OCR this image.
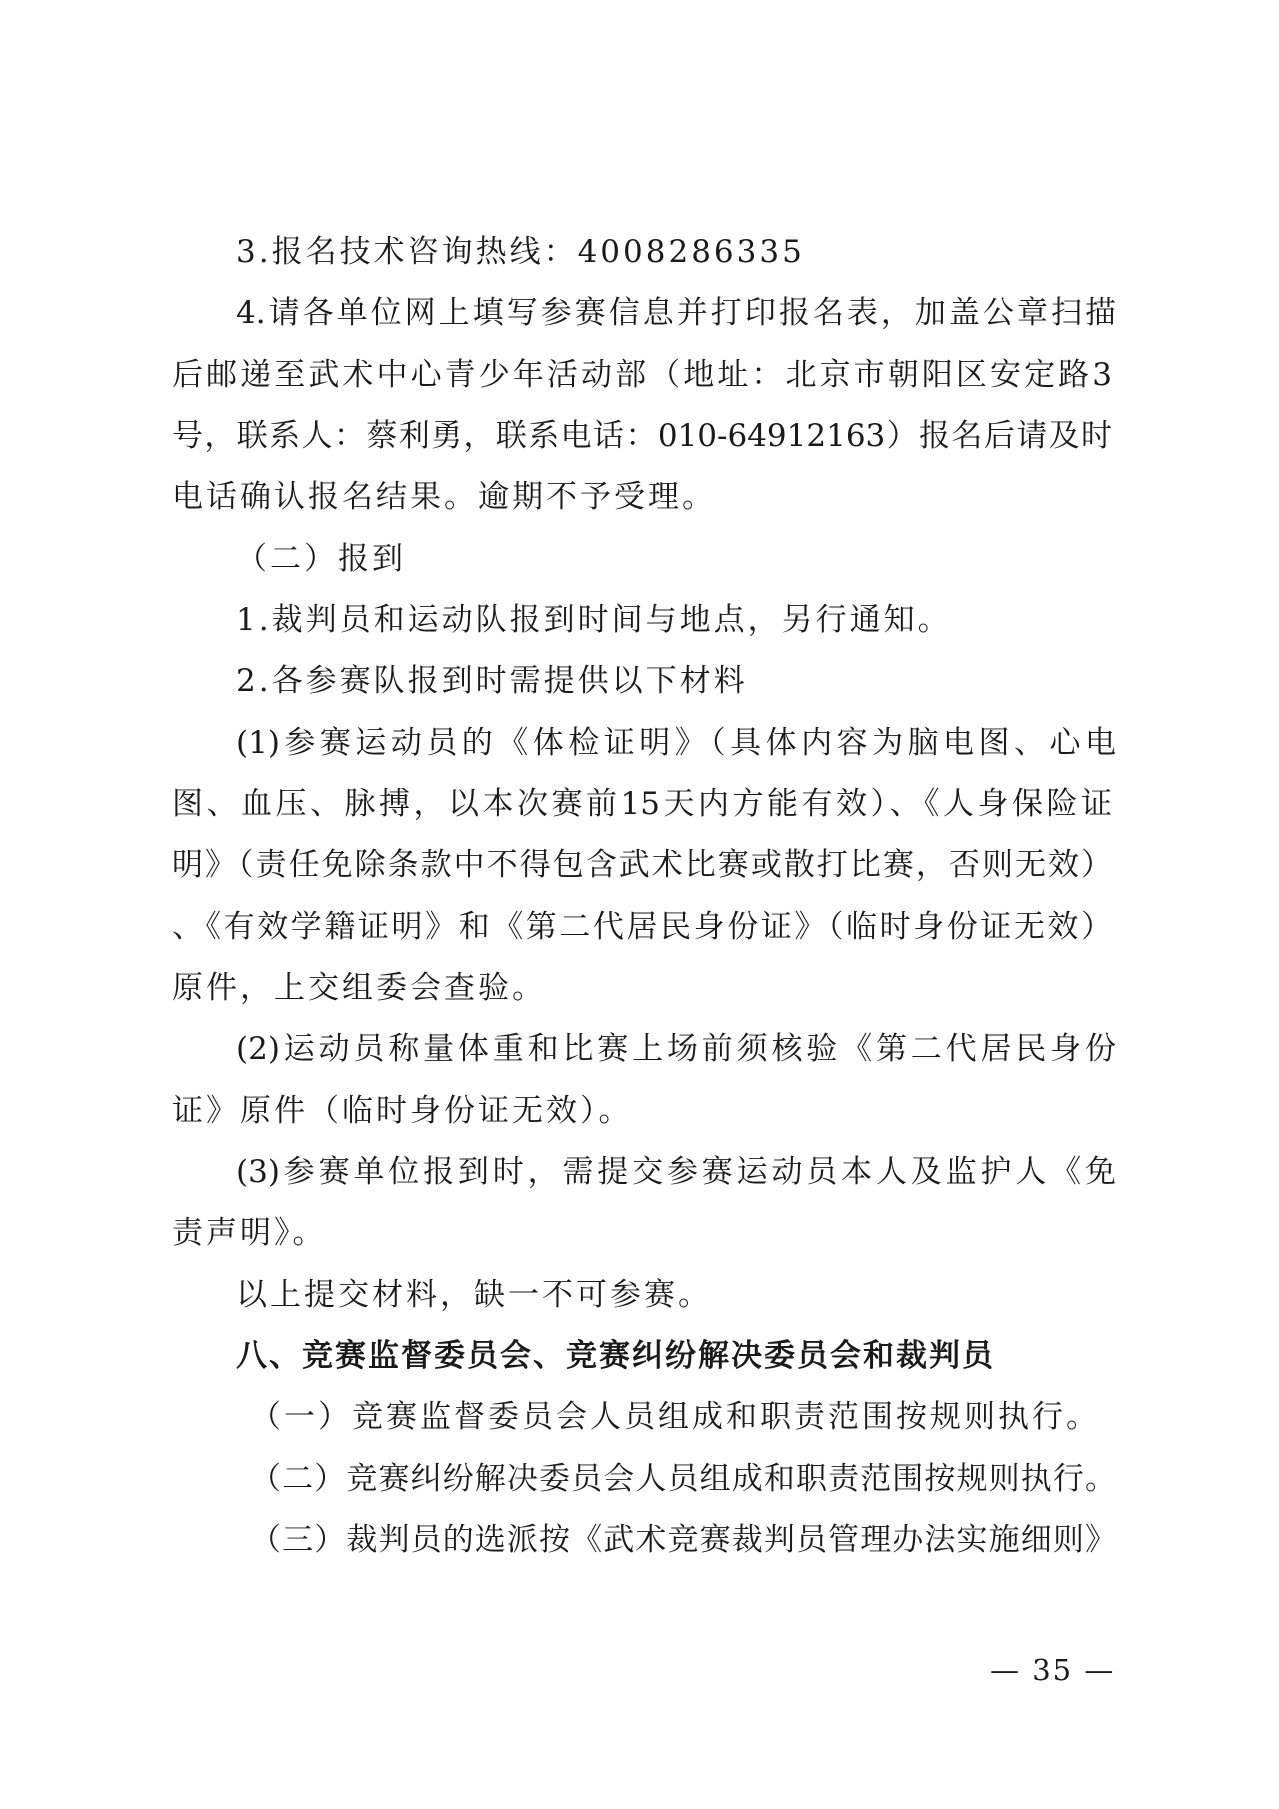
3.报名技术咨询热线：4008286335
4.请各单位网上填写参赛信息并打印报名表，加盖公章扫描
后邮递至武术中心青少年活动部（地址：北京市朝阳区安定路3
号，联系人：蔡利勇，联系电话：010-64912163）报名后请及时
电话确认报名结果。逾期不予受理。
（二）报到
1.裁判员和运动队报到时间与地点，另行通知。
2.各参赛队报到时需提供以下材料
(1)参赛运动员的《体检证明》（具体内容为脑电图、心电
图、血压、脉搏，以本次赛前15天内方能有效）、《人身保险证
明》（责任免除条款中不得包含武术比赛或散打比赛，否则无效）
、《有效学籍证明》和《第二代居民身份证》（临时身份证无效）
原件，上交组委会查验。
(2)运动员称量体重和比赛上场前须核验《第二代居民身份
证》原件（临时身份证无效）。
(3)参赛单位报到时，需提交参赛运动员本人及监护人《免
责声明》。
以上提交材料，缺一不可参赛。
八、竞赛监督委员会、竞赛纠纷解决委员会和裁判员
（一）竞赛监督委员会人员组成和职责范围按规则执行。
（二）竞赛纠纷解决委员会人员组成和职责范围按规则执行。
（三）裁判员的选派按《武术竞赛裁判员管理办法实施细则》
— 35 —
